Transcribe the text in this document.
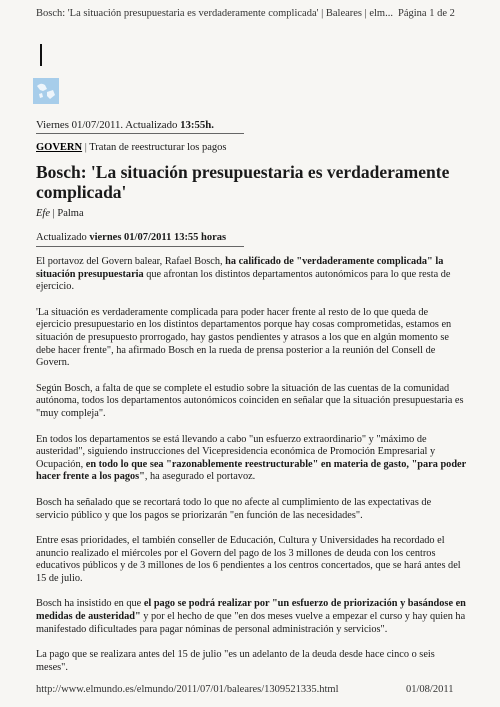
Bosch: 'La situación presupuestaria es verdaderamente complicada' | Baleares | elm... Página 1 de 2
Viernes 01/07/2011. Actualizado 13:55h.
GOVERN | Tratan de reestructurar los pagos
Bosch: 'La situación presupuestaria es verdaderamente complicada'
Efe | Palma
Actualizado viernes 01/07/2011 13:55 horas

El portavoz del Govern balear, Rafael Bosch, ha calificado de "verdaderamente complicada" la situación presupuestaria que afrontan los distintos departamentos autonómicos para lo que resta de ejercicio.

'La situación es verdaderamente complicada para poder hacer frente al resto de lo que queda de ejercicio presupuestario en los distintos departamentos porque hay cosas comprometidas, estamos en situación de presupuesto prorrogado, hay gastos pendientes y atrasos a los que en algún momento se debe hacer frente", ha afirmado Bosch en la rueda de prensa posterior a la reunión del Consell de Govern.

Según Bosch, a falta de que se complete el estudio sobre la situación de las cuentas de la comunidad autónoma, todos los departamentos autonómicos coinciden en señalar que la situación presupuestaria es "muy compleja".

En todos los departamentos se está llevando a cabo "un esfuerzo extraordinario" y "máximo de austeridad", siguiendo instrucciones del Vicepresidencia económica de Promoción Empresarial y Ocupación, en todo lo que sea "razonablemente reestructurable" en materia de gasto, "para poder hacer frente a los pagos", ha asegurado el portavoz.

Bosch ha señalado que se recortará todo lo que no afecte al cumplimiento de las expectativas de servicio público y que los pagos se priorizarán "en función de las necesidades".

Entre esas prioridades, el también conseller de Educación, Cultura y Universidades ha recordado el anuncio realizado el miércoles por el Govern del pago de los 3 millones de deuda con los centros educativos públicos y de 3 millones de los 6 pendientes a los centros concertados, que se hará antes del 15 de julio.

Bosch ha insistido en que el pago se podrá realizar por "un esfuerzo de priorización y basándose en medidas de austeridad" y por el hecho de que "en dos meses vuelve a empezar el curso y hay quien ha manifestado dificultades para pagar nóminas de personal administración y servicios".

La pago que se realizara antes del 15 de julio "es un adelanto de la deuda desde hace cinco o seis meses".

http://www.elmundo.es/elmundo/2011/07/01/baleares/1309521335.html	01/08/2011
